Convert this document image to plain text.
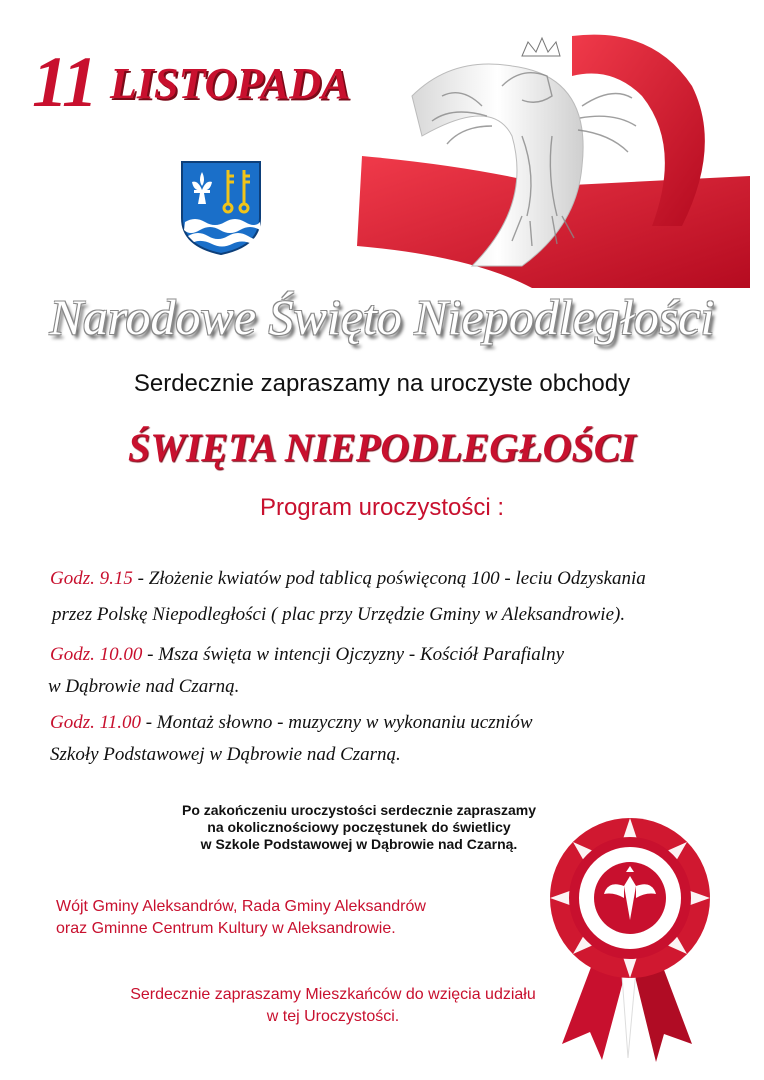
11 LISTOPADA
Narodowe Święto Niepodległości
Serdecznie zapraszamy na uroczyste obchody
ŚWIĘTA NIEPODLEGŁOŚCI
Program uroczystości :
Godz. 9.15 - Złożenie kwiatów pod tablicą poświęconą 100 - leciu Odzyskania
przez Polskę Niepodległości ( plac przy Urzędzie Gminy w Aleksandrowie).
Godz. 10.00 - Msza święta w intencji Ojczyzny - Kościół Parafialny
w Dąbrowie nad Czarną.
Godz. 11.00 - Montaż słowno - muzyczny w wykonaniu uczniów
Szkoły Podstawowej w Dąbrowie nad Czarną.
Po zakończeniu uroczystości serdecznie zapraszamy
na okolicznościowy poczęstunek do świetlicy
w Szkole Podstawowej w Dąbrowie nad Czarną.
Wójt Gminy Aleksandrów, Rada Gminy Aleksandrów
oraz Gminne Centrum Kultury w Aleksandrowie.
Serdecznie zapraszamy Mieszkańców do wzięcia udziału
w tej Uroczystości.
